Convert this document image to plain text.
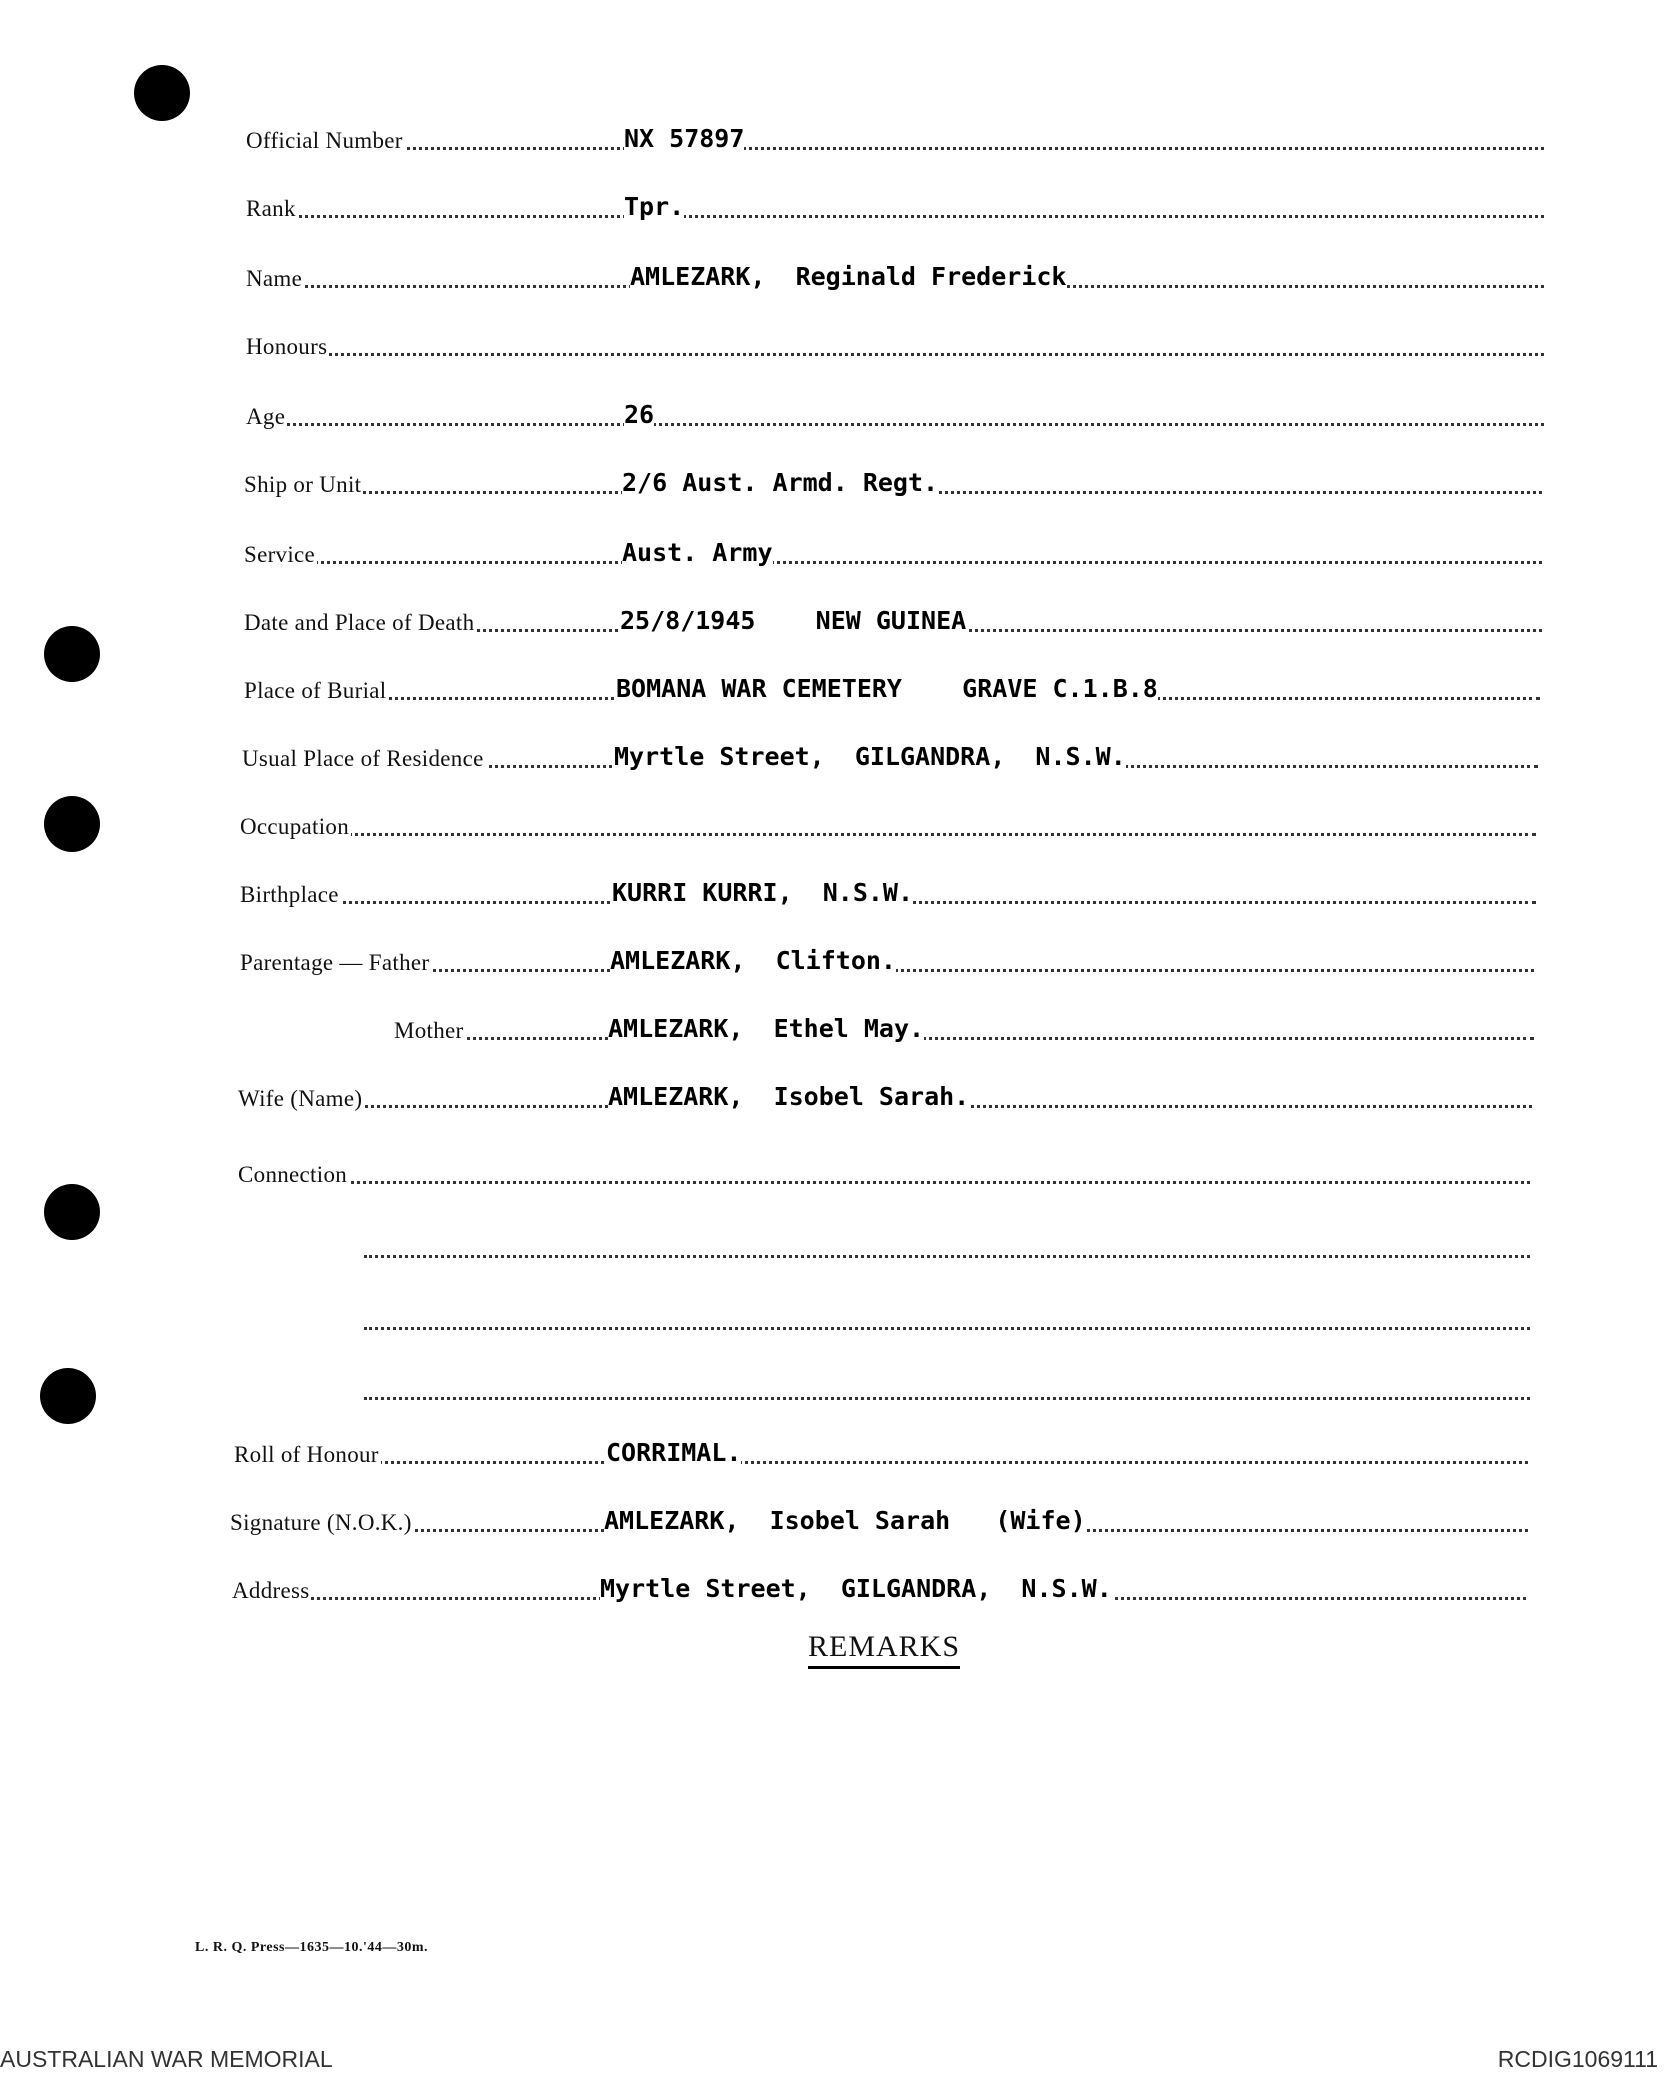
Official Number	NX 57897
Rank	Tpr.
Name	AMLEZARK,  Reginald Frederick
Honours
Age	26
Ship or Unit	2/6 Aust. Armd. Regt.
Service	Aust. Army
Date and Place of Death	25/8/1945    NEW GUINEA
Place of Burial	BOMANA WAR CEMETERY    GRAVE C.1.B.8
Usual Place of Residence	Myrtle Street,  GILGANDRA,  N.S.W.
Occupation
Birthplace	KURRI KURRI,  N.S.W.
Parentage — Father	AMLEZARK,  Clifton.
Mother	AMLEZARK,  Ethel May.
Wife (Name)	AMLEZARK,  Isobel Sarah.
Connection
Roll of Honour	CORRIMAL.
Signature (N.O.K.)	AMLEZARK,  Isobel Sarah   (Wife)
Address	Myrtle Street,  GILGANDRA,  N.S.W.
REMARKS
L. R. Q. Press—1635—10.'44—30m.
AUSTRALIAN WAR MEMORIAL	RCDIG1069111
